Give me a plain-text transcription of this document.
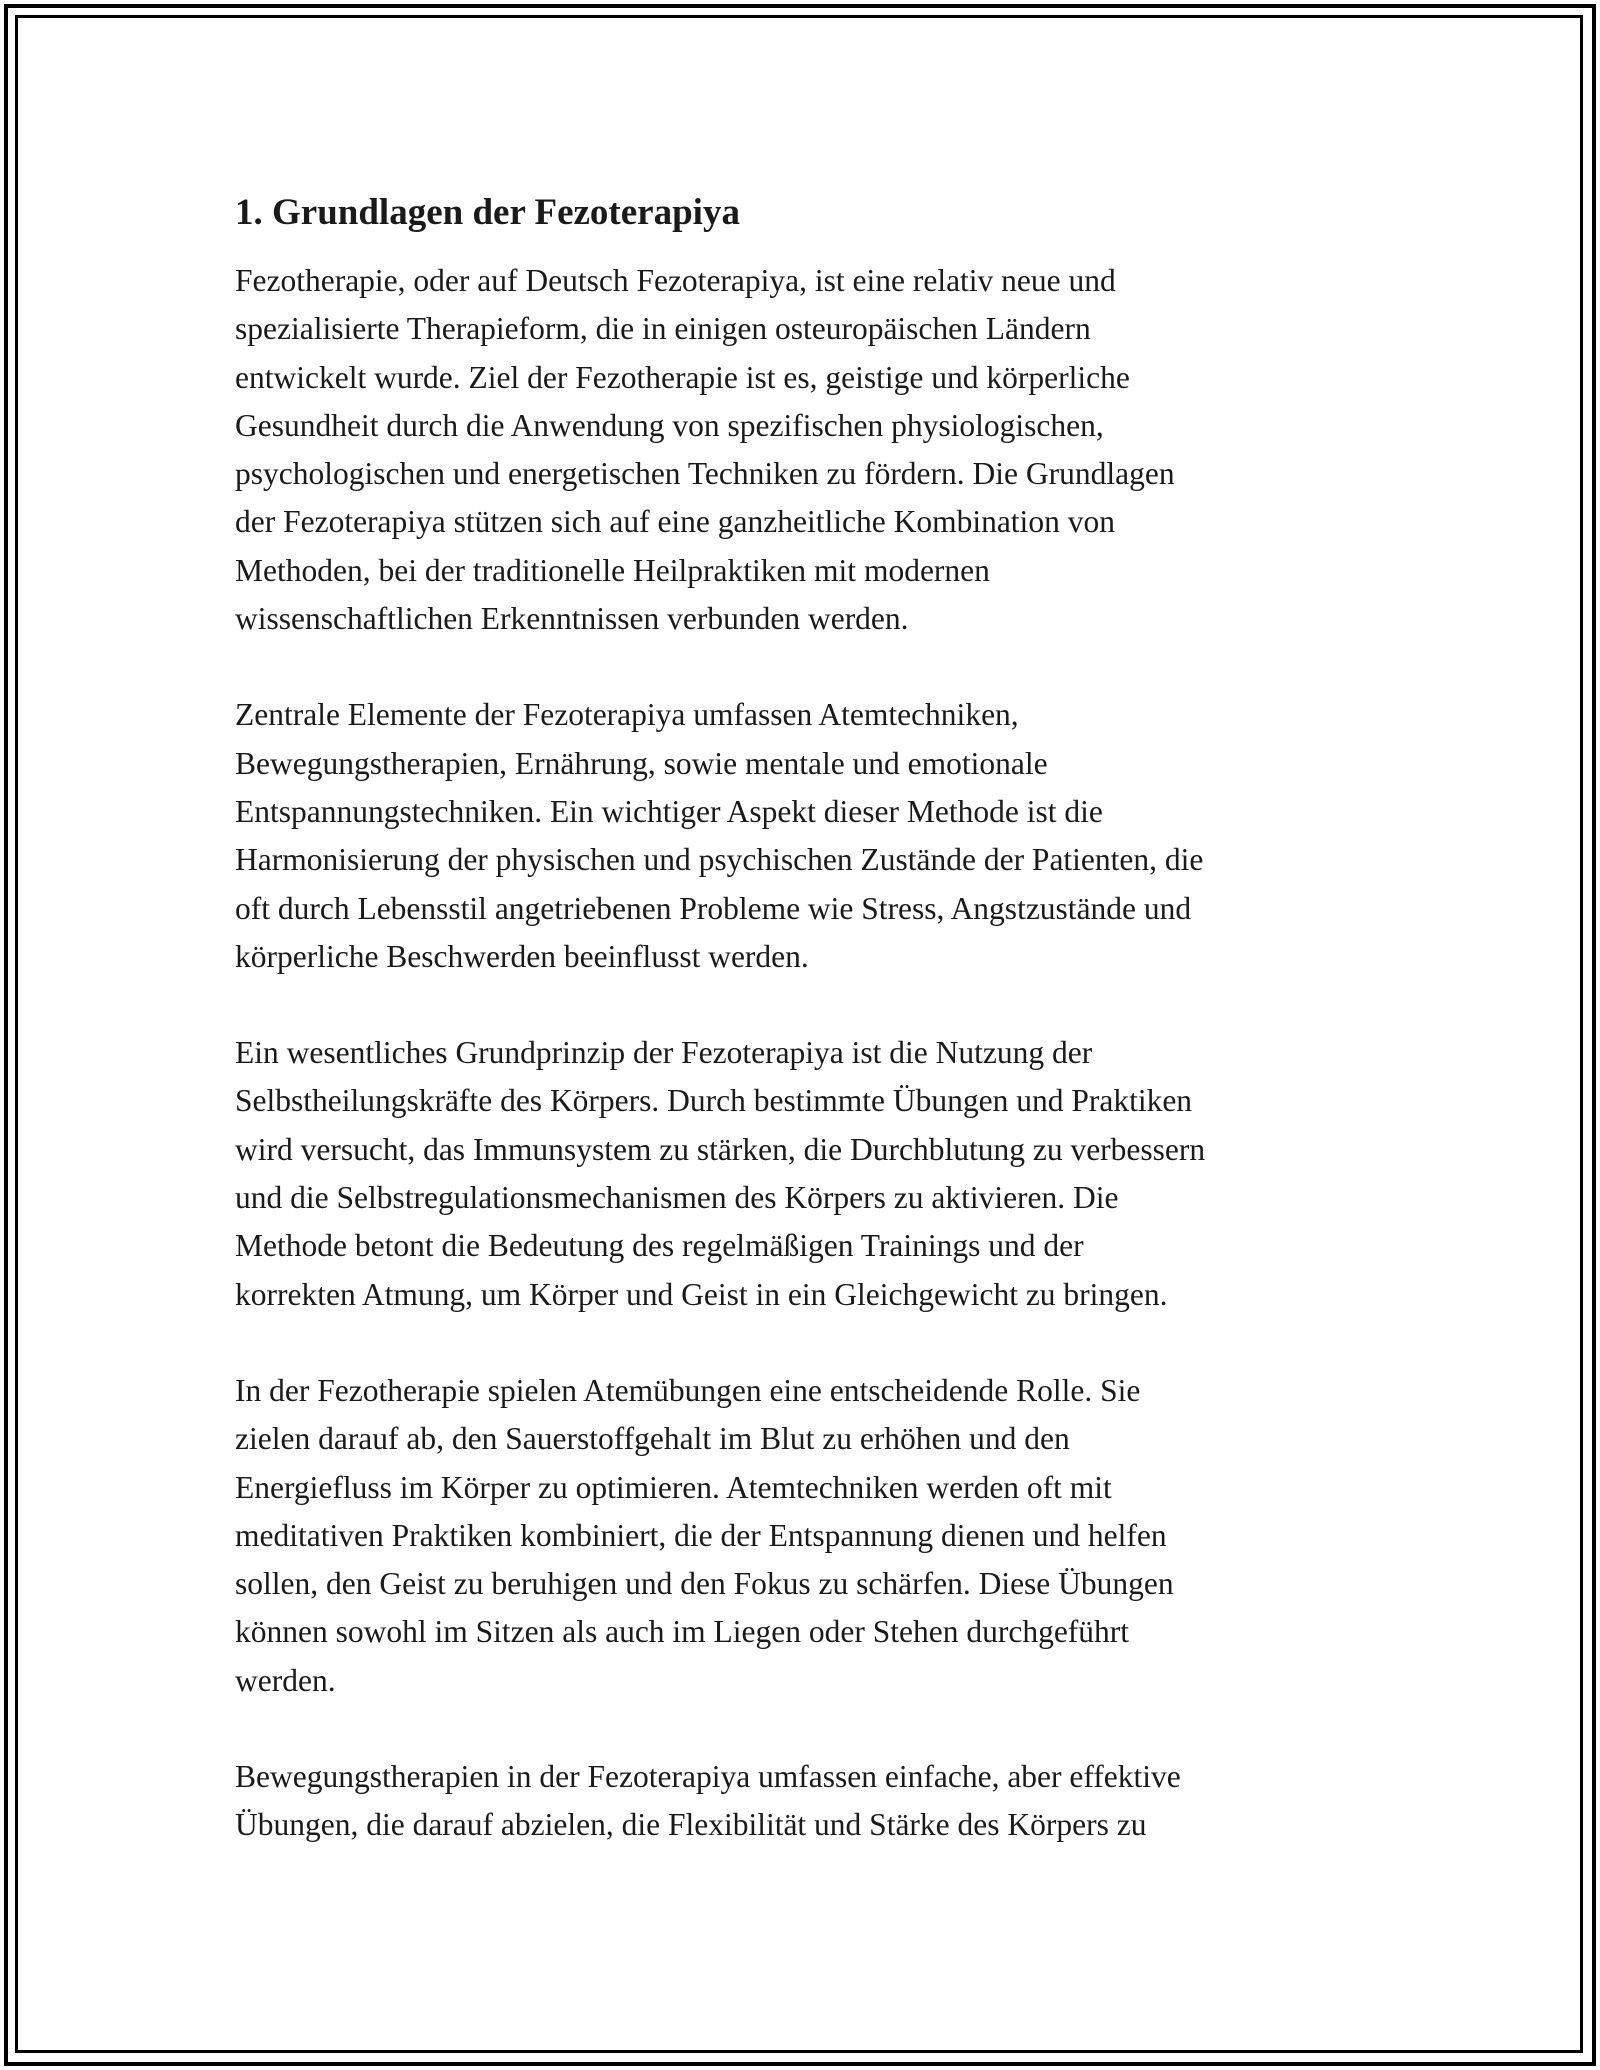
1. Grundlagen der Fezoterapiya

Fezotherapie, oder auf Deutsch Fezoterapiya, ist eine relativ neue und
spezialisierte Therapieform, die in einigen osteuropäischen Ländern
entwickelt wurde. Ziel der Fezotherapie ist es, geistige und körperliche
Gesundheit durch die Anwendung von spezifischen physiologischen,
psychologischen und energetischen Techniken zu fördern. Die Grundlagen
der Fezoterapiya stützen sich auf eine ganzheitliche Kombination von
Methoden, bei der traditionelle Heilpraktiken mit modernen
wissenschaftlichen Erkenntnissen verbunden werden.

Zentrale Elemente der Fezoterapiya umfassen Atemtechniken,
Bewegungstherapien, Ernährung, sowie mentale und emotionale
Entspannungstechniken. Ein wichtiger Aspekt dieser Methode ist die
Harmonisierung der physischen und psychischen Zustände der Patienten, die
oft durch Lebensstil angetriebenen Probleme wie Stress, Angstzustände und
körperliche Beschwerden beeinflusst werden.

Ein wesentliches Grundprinzip der Fezoterapiya ist die Nutzung der
Selbstheilungskräfte des Körpers. Durch bestimmte Übungen und Praktiken
wird versucht, das Immunsystem zu stärken, die Durchblutung zu verbessern
und die Selbstregulationsmechanismen des Körpers zu aktivieren. Die
Methode betont die Bedeutung des regelmäßigen Trainings und der
korrekten Atmung, um Körper und Geist in ein Gleichgewicht zu bringen.

In der Fezotherapie spielen Atemübungen eine entscheidende Rolle. Sie
zielen darauf ab, den Sauerstoffgehalt im Blut zu erhöhen und den
Energiefluss im Körper zu optimieren. Atemtechniken werden oft mit
meditativen Praktiken kombiniert, die der Entspannung dienen und helfen
sollen, den Geist zu beruhigen und den Fokus zu schärfen. Diese Übungen
können sowohl im Sitzen als auch im Liegen oder Stehen durchgeführt
werden.

Bewegungstherapien in der Fezoterapiya umfassen einfache, aber effektive
Übungen, die darauf abzielen, die Flexibilität und Stärke des Körpers zu
